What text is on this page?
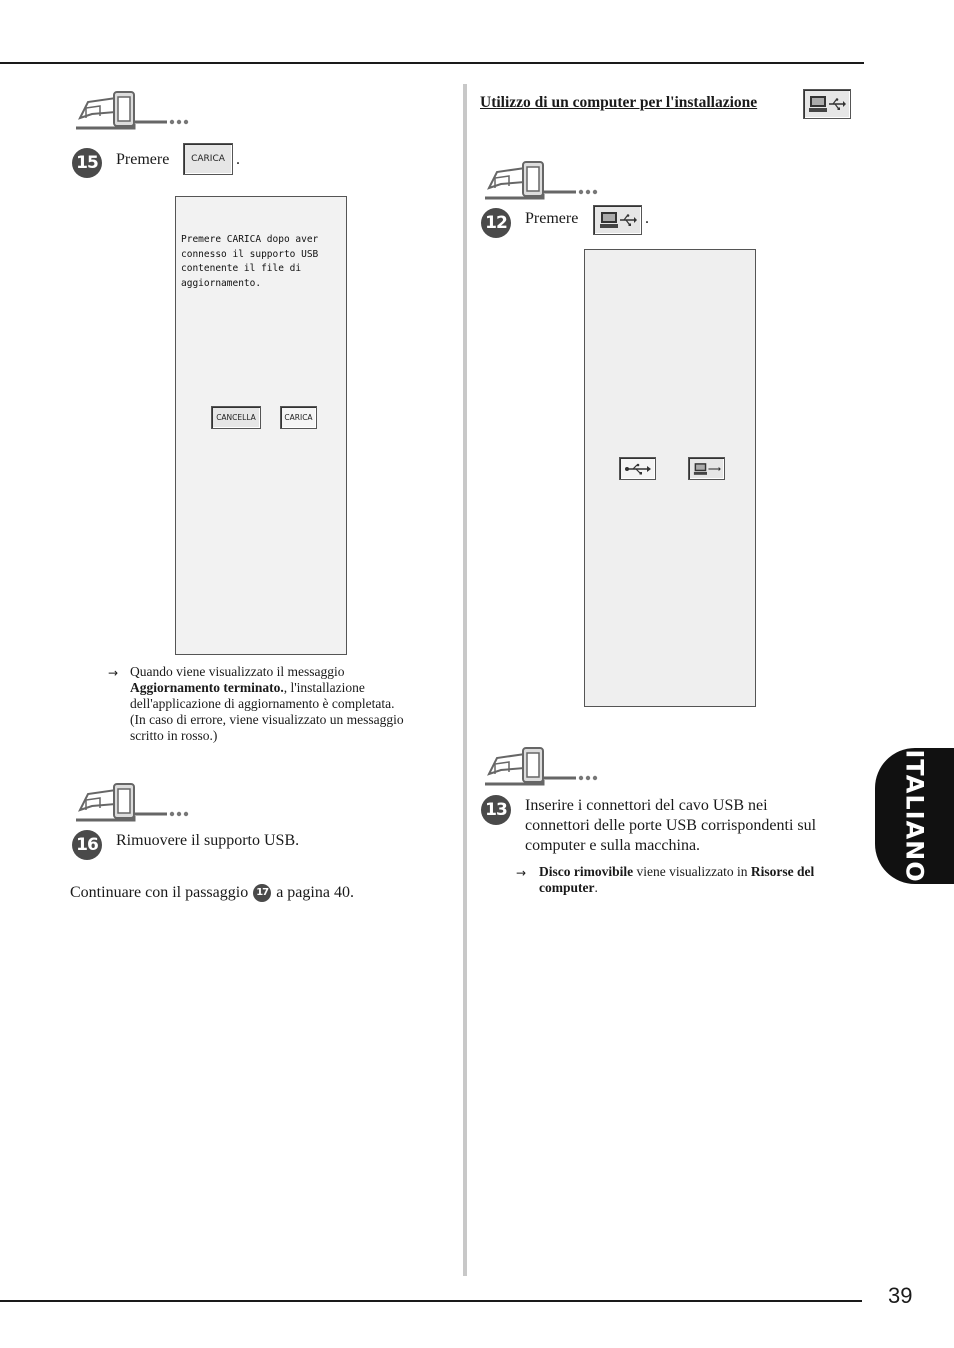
15 Premere	CARICA .
Premere CARICA dopo aver
connesso il supporto USB
contenente il file di
aggiornamento.
CANCELLA	CARICA
→ Quando viene visualizzato il messaggio
Aggiornamento terminato., l'installazione
dell'applicazione di aggiornamento è completata.
(In caso di errore, viene visualizzato un messaggio
scritto in rosso.)
16 Rimuovere il supporto USB.
Continuare con il passaggio 17 a pagina 40.
Utilizzo di un computer per l'installazione
12 Premere	.
13 Inserire i connettori del cavo USB nei
connettori delle porte USB corrispondenti sul
computer e sulla macchina.
→ Disco rimovibile viene visualizzato in Risorse del
computer.
ITALIANO
39
